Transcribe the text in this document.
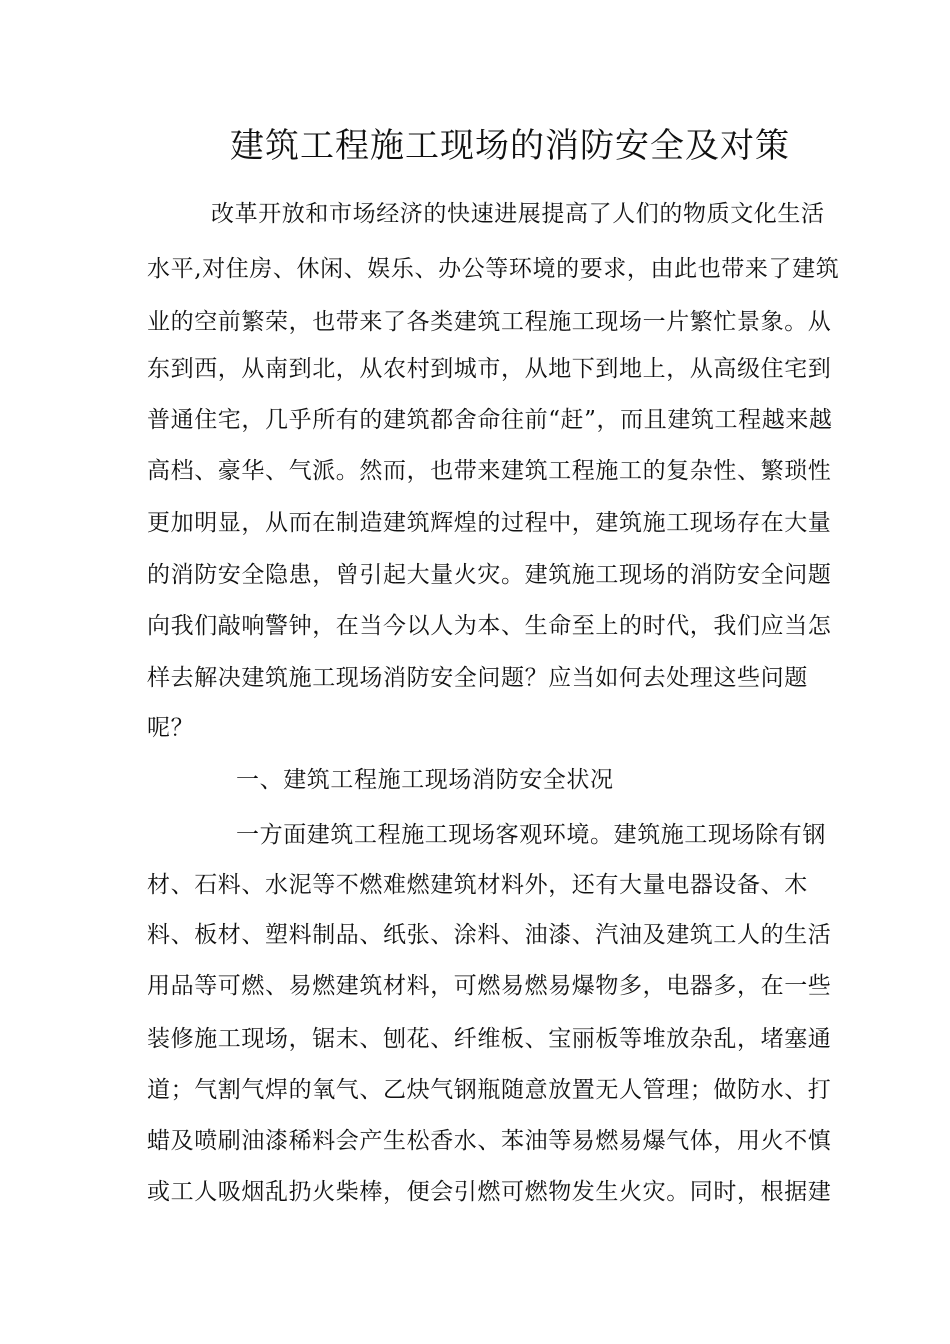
建筑工程施工现场的消防安全及对策
改革开放和市场经济的快速进展提高了人们的物质文化生活
水平,对住房、休闲、娱乐、办公等环境的要求，由此也带来了建筑
业的空前繁荣，也带来了各类建筑工程施工现场一片繁忙景象。从
东到西，从南到北，从农村到城市，从地下到地上，从高级住宅到
普通住宅，几乎所有的建筑都舍命往前“赶”，而且建筑工程越来越
高档、豪华、气派。然而，也带来建筑工程施工的复杂性、繁琐性
更加明显，从而在制造建筑辉煌的过程中，建筑施工现场存在大量
的消防安全隐患，曾引起大量火灾。建筑施工现场的消防安全问题
向我们敲响警钟，在当今以人为本、生命至上的时代，我们应当怎
样去解决建筑施工现场消防安全问题？应当如何去处理这些问题
呢？
一、建筑工程施工现场消防安全状况
一方面建筑工程施工现场客观环境。建筑施工现场除有钢
材、石料、水泥等不燃难燃建筑材料外，还有大量电器设备、木
料、板材、塑料制品、纸张、涂料、油漆、汽油及建筑工人的生活
用品等可燃、易燃建筑材料，可燃易燃易爆物多，电器多，在一些
装修施工现场，锯末、刨花、纤维板、宝丽板等堆放杂乱，堵塞通
道；气割气焊的氧气、乙炔气钢瓶随意放置无人管理；做防水、打
蜡及喷刷油漆稀料会产生松香水、苯油等易燃易爆气体，用火不慎
或工人吸烟乱扔火柴棒，便会引燃可燃物发生火灾。同时，根据建
